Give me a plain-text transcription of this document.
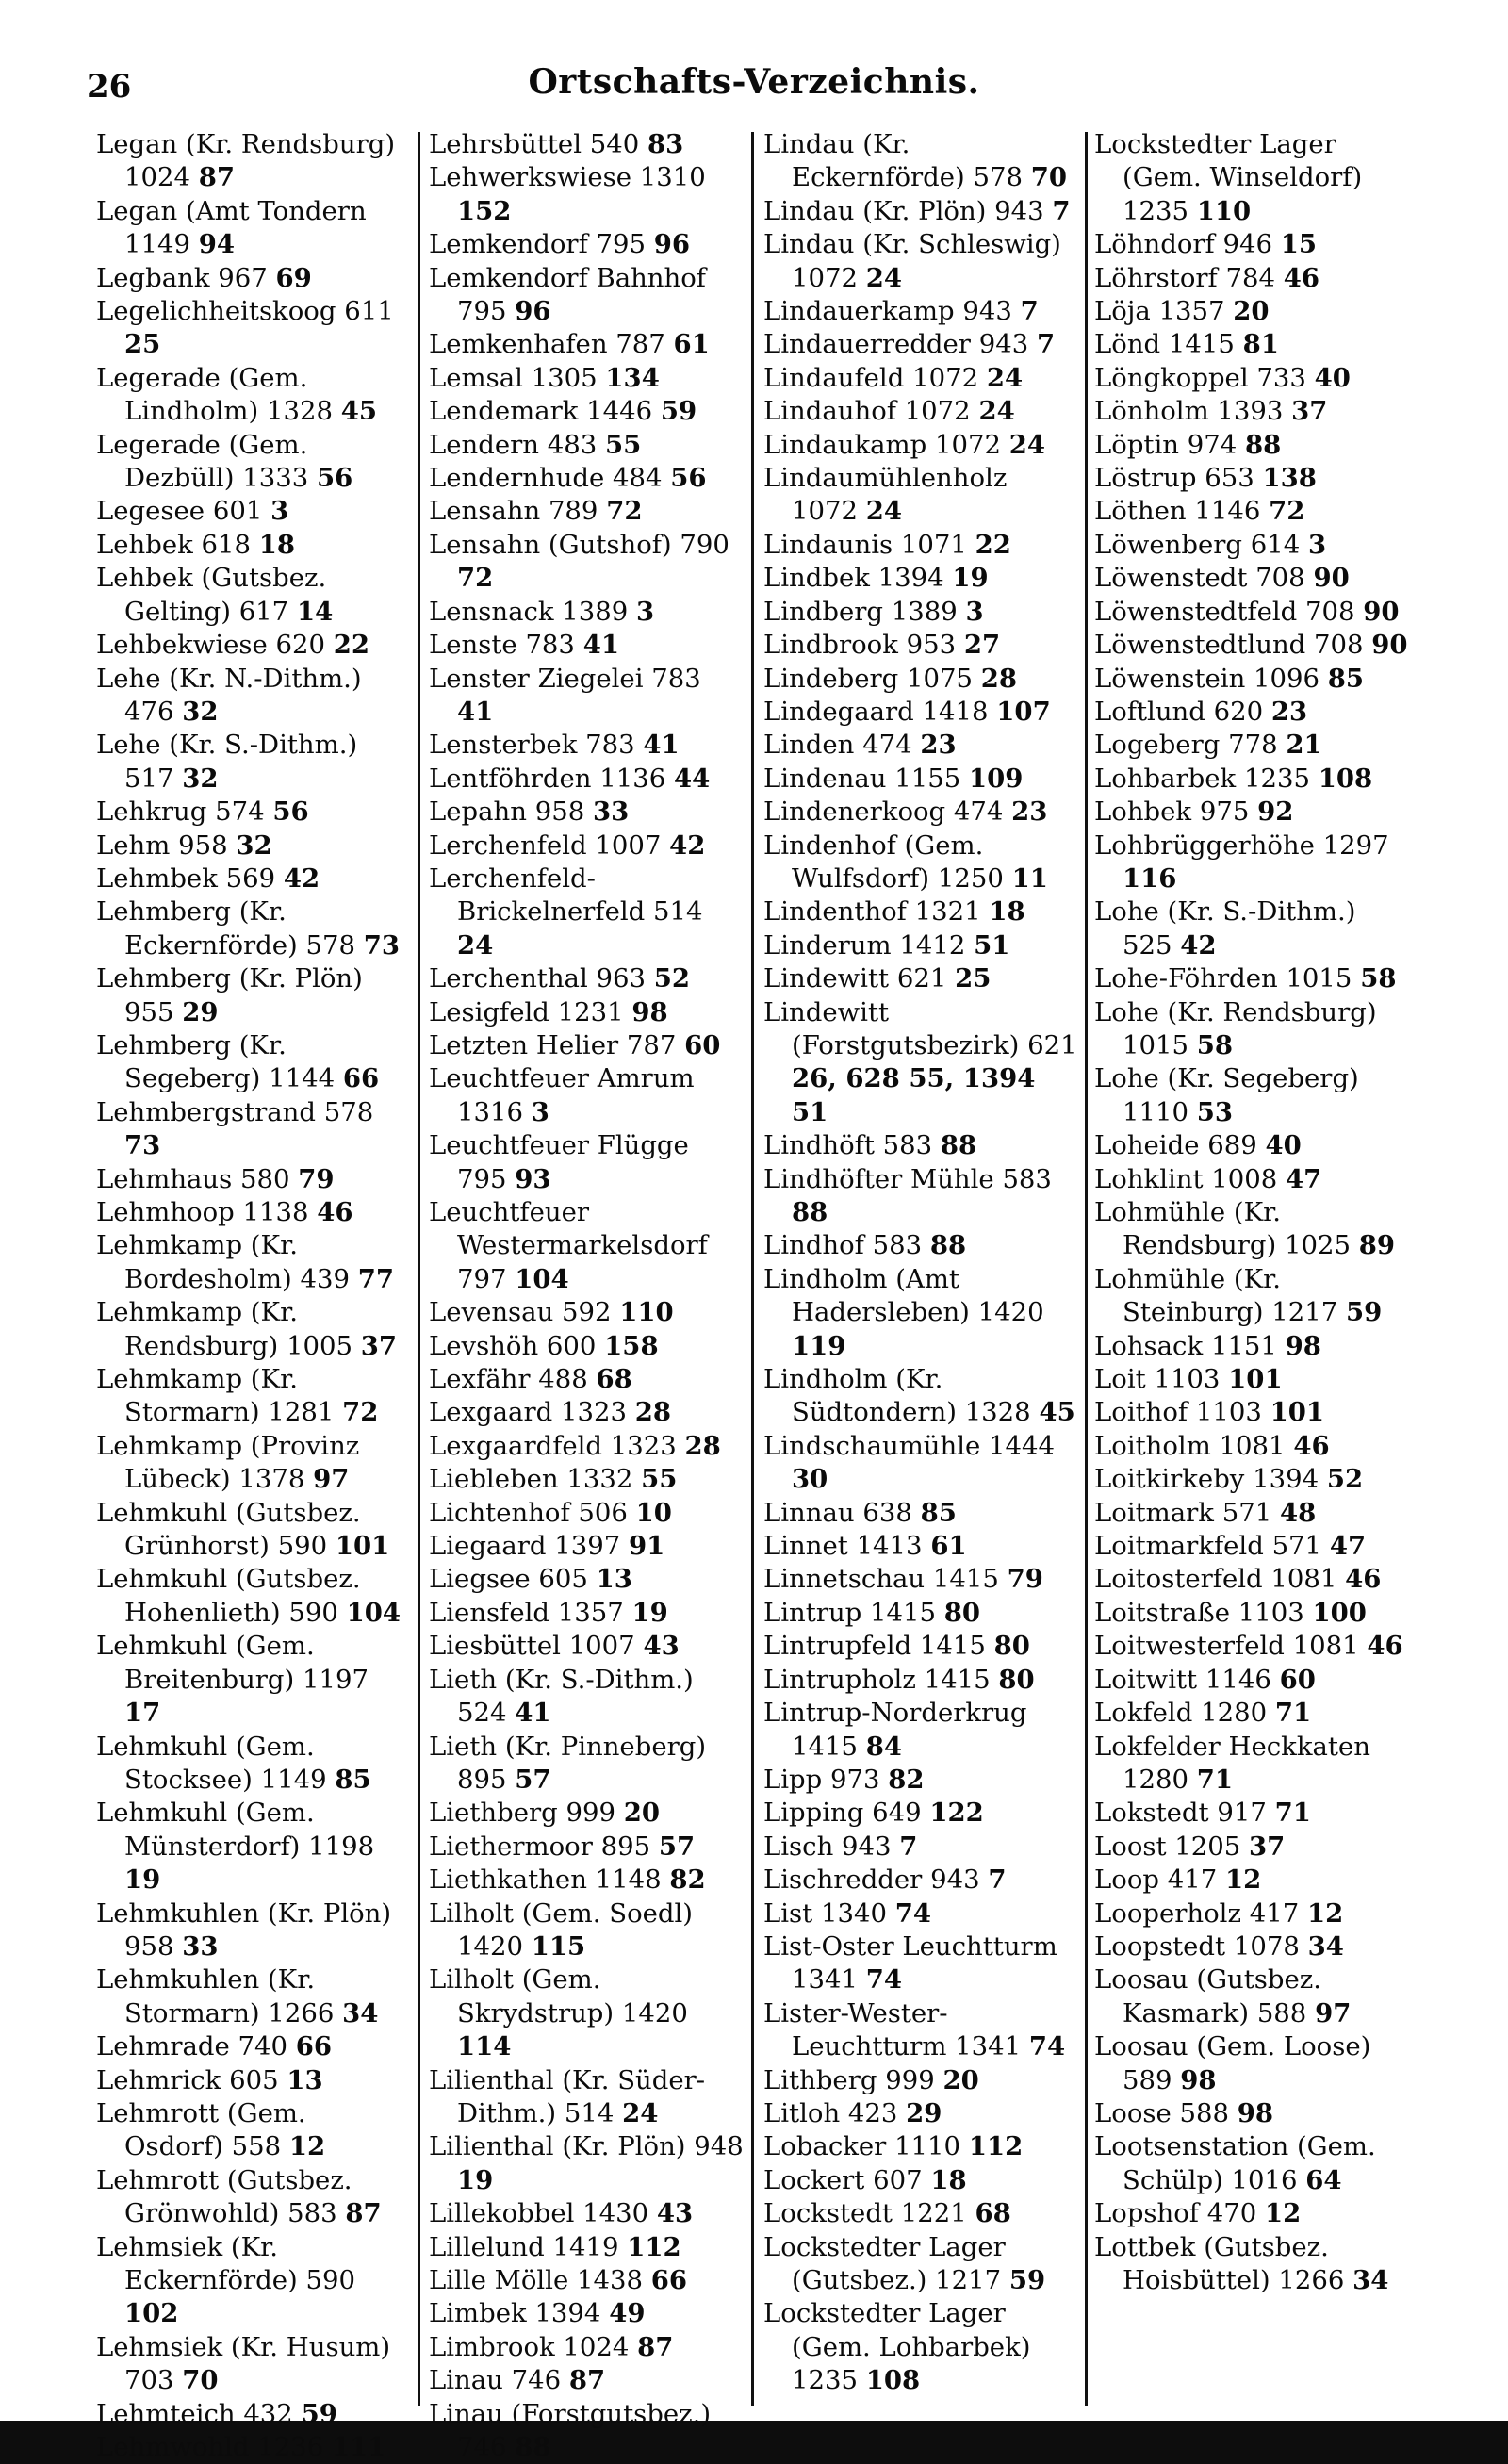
26	Ortschafts-Verzeichnis.
Legan (Kr. Rendsburg) 1024 87
Legan (Amt Tondern 1149 94
Legbank 967 69
Legelichheitskoog 611 25
Legerade (Gem. Lindholm) 1328 45
Legerade (Gem. Dezbüll) 1333 56
Legesee 601 3
Lehbek 618 18
Lehbek (Gutsbez. Gelting) 617 14
Lehbekwiese 620 22
Lehe (Kr. N.-Dithm.) 476 32
Lehe (Kr. S.-Dithm.) 517 32
Lehkrug 574 56
Lehm 958 32
Lehmbek 569 42
Lehmberg (Kr. Eckernförde) 578 73
Lehmberg (Kr. Plön) 955 29
Lehmberg (Kr. Segeberg) 1144 66
Lehmbergstrand 578 73
Lehmhaus 580 79
Lehmhoop 1138 46
Lehmkamp (Kr. Bordesholm) 439 77
Lehmkamp (Kr. Rendsburg) 1005 37
Lehmkamp (Kr. Stormarn) 1281 72
Lehmkamp (Provinz Lübeck) 1378 97
Lehmkuhl (Gutsbez. Grünhorst) 590 101
Lehmkuhl (Gutsbez. Hohenlieth) 590 104
Lehmkuhl (Gem. Breitenburg) 1197 17
Lehmkuhl (Gem. Stocksee) 1149 85
Lehmkuhl (Gem. Münsterdorf) 1198 19
Lehmkuhlen (Kr. Plön) 958 33
Lehmkuhlen (Kr. Stormarn) 1266 34
Lehmrade 740 66
Lehmrick 605 13
Lehmrott (Gem. Osdorf) 558 12
Lehmrott (Gutsbez. Grönwohld) 583 87
Lehmsiek (Kr. Eckernförde) 590 102
Lehmsiek (Kr. Husum) 703 70
Lehmteich 432 59
Lehmwohld 1236 111
Lehrsbüttel 540 83
Lehwerkswiese 1310 152
Lemkendorf 795 96
Lemkendorf Bahnhof 795 96
Lemkenhafen 787 61
Lemsal 1305 134
Lendemark 1446 59
Lendern 483 55
Lendernhude 484 56
Lensahn 789 72
Lensahn (Gutshof) 790 72
Lensnack 1389 3
Lenste 783 41
Lenster Ziegelei 783 41
Lensterbek 783 41
Lentföhrden 1136 44
Lepahn 958 33
Lerchenfeld 1007 42
Lerchenfeld-Brickelnerfeld 514 24
Lerchenthal 963 52
Lesigfeld 1231 98
Letzten Helier 787 60
Leuchtfeuer Amrum 1316 3
Leuchtfeuer Flügge 795 93
Leuchtfeuer Westermarkelsdorf 797 104
Levensau 592 110
Levshöh 600 158
Lexfähr 488 68
Lexgaard 1323 28
Lexgaardfeld 1323 28
Liebleben 1332 55
Lichtenhof 506 10
Liegaard 1397 91
Liegsee 605 13
Liensfeld 1357 19
Liesbüttel 1007 43
Lieth (Kr. S.-Dithm.) 524 41
Lieth (Kr. Pinneberg) 895 57
Liethberg 999 20
Liethermoor 895 57
Liethkathen 1148 82
Lilholt (Gem. Soedl) 1420 115
Lilholt (Gem. Skrydstrup) 1420 114
Lilienthal (Kr. Süder-Dithm.) 514 24
Lilienthal (Kr. Plön) 948 19
Lillekobbel 1430 43
Lillelund 1419 112
Lille Mölle 1438 66
Limbek 1394 49
Limbrook 1024 87
Linau 746 87
Linau (Forstgutsbez.) 746 88
Lindau (Kr. Eckernförde) 578 70
Lindau (Kr. Plön) 943 7
Lindau (Kr. Schleswig) 1072 24
Lindauerkamp 943 7
Lindauerredder 943 7
Lindaufeld 1072 24
Lindauhof 1072 24
Lindaukamp 1072 24
Lindaumühlenholz 1072 24
Lindaunis 1071 22
Lindbek 1394 19
Lindberg 1389 3
Lindbrook 953 27
Lindeberg 1075 28
Lindegaard 1418 107
Linden 474 23
Lindenau 1155 109
Lindenerkoog 474 23
Lindenhof (Gem. Wulfsdorf) 1250 11
Lindenthof 1321 18
Linderum 1412 51
Lindewitt 621 25
Lindewitt (Forstgutsbezirk) 621 26, 628 55, 1394 51
Lindhöft 583 88
Lindhöfter Mühle 583 88
Lindhof 583 88
Lindholm (Amt Hadersleben) 1420 119
Lindholm (Kr. Südtondern) 1328 45
Lindschaumühle 1444 30
Linnau 638 85
Linnet 1413 61
Linnetschau 1415 79
Lintrup 1415 80
Lintrupfeld 1415 80
Lintrupholz 1415 80
Lintrup-Norderkrug 1415 84
Lipp 973 82
Lipping 649 122
Lisch 943 7
Lischredder 943 7
List 1340 74
List-Oster Leuchtturm 1341 74
Lister-Wester-Leuchtturm 1341 74
Lithberg 999 20
Litloh 423 29
Lobacker 1110 112
Lockert 607 18
Lockstedt 1221 68
Lockstedter Lager (Gutsbez.) 1217 59
Lockstedter Lager (Gem. Lohbarbek) 1235 108
Lockstedter Lager (Gem. Winseldorf) 1235 110
Löhndorf 946 15
Löhrstorf 784 46
Löja 1357 20
Lönd 1415 81
Löngkoppel 733 40
Lönholm 1393 37
Löptin 974 88
Löstrup 653 138
Löthen 1146 72
Löwenberg 614 3
Löwenstedt 708 90
Löwenstedtfeld 708 90
Löwenstedtlund 708 90
Löwenstein 1096 85
Loftlund 620 23
Logeberg 778 21
Lohbarbek 1235 108
Lohbek 975 92
Lohbrüggerhöhe 1297 116
Lohe (Kr. S.-Dithm.) 525 42
Lohe-Föhrden 1015 58
Lohe (Kr. Rendsburg) 1015 58
Lohe (Kr. Segeberg) 1110 53
Loheide 689 40
Lohklint 1008 47
Lohmühle (Kr. Rendsburg) 1025 89
Lohmühle (Kr. Steinburg) 1217 59
Lohsack 1151 98
Loit 1103 101
Loithof 1103 101
Loitholm 1081 46
Loitkirkeby 1394 52
Loitmark 571 48
Loitmarkfeld 571 47
Loitosterfeld 1081 46
Loitstraße 1103 100
Loitwesterfeld 1081 46
Loitwitt 1146 60
Lokfeld 1280 71
Lokfelder Heckkaten 1280 71
Lokstedt 917 71
Loost 1205 37
Loop 417 12
Looperholz 417 12
Loopstedt 1078 34
Loosau (Gutsbez. Kasmark) 588 97
Loosau (Gem. Loose) 589 98
Loose 588 98
Lootsenstation (Gem. Schülp) 1016 64
Lopshof 470 12
Lottbek (Gutsbez. Hoisbüttel) 1266 34
